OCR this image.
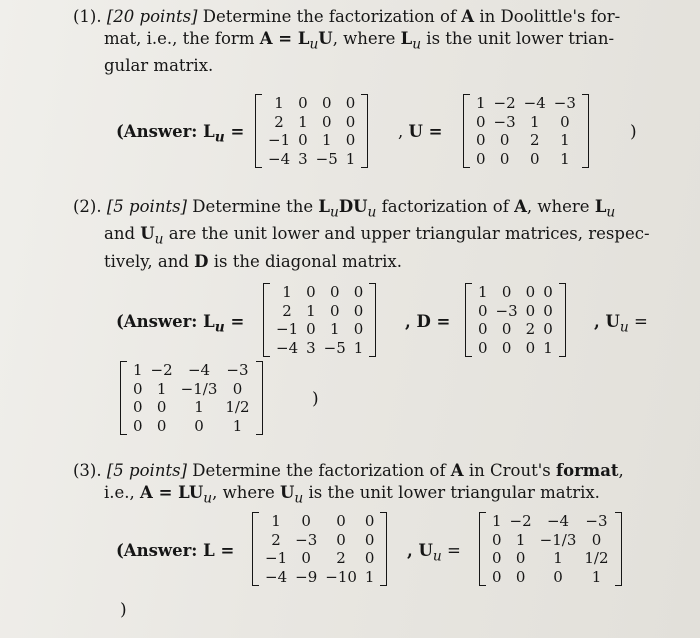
(1). [20 points] Determine the factorization of A in Doolittle's for-
mat, i.e., the form $A = L_uU$, where $L_u$ is the unit lower trian-
gular matrix.
(Answer: $L_u$ =
1	0	0	0
2	1	0	0
−1	0	1	0
−4	3	−5	1
, U =
1	−2	−4	−3
0	−3	1	0
0	0	2	1
0	0	0	1
)
(2). [5 points] Determine the $L_uDU_u$ factorization of A, where $L_u$
and $U_u$ are the unit lower and upper triangular matrices, respec-
tively, and D is the diagonal matrix.
(Answer: $L_u$ =
1	0	0	0
2	1	0	0
−1	0	1	0
−4	3	−5	1
, D =
1	0	0	0
0	−3	0	0
0	0	2	0
0	0	0	1
, $U_u$ =
1	−2	−4	−3
0	1	−1/3	0
0	0	1	1/2
0	0	0	1
)
(3). [5 points] Determine the factorization of A in Crout's format,
i.e., $A = LU_u$, where $U_u$ is the unit lower triangular matrix.
(Answer: L =
1	0	0	0
2	−3	0	0
−1	0	2	0
−4	−9	−10	1
, $U_u$ =
1	−2	−4	−3
0	1	−1/3	0
0	0	1	1/2
0	0	0	1
)
